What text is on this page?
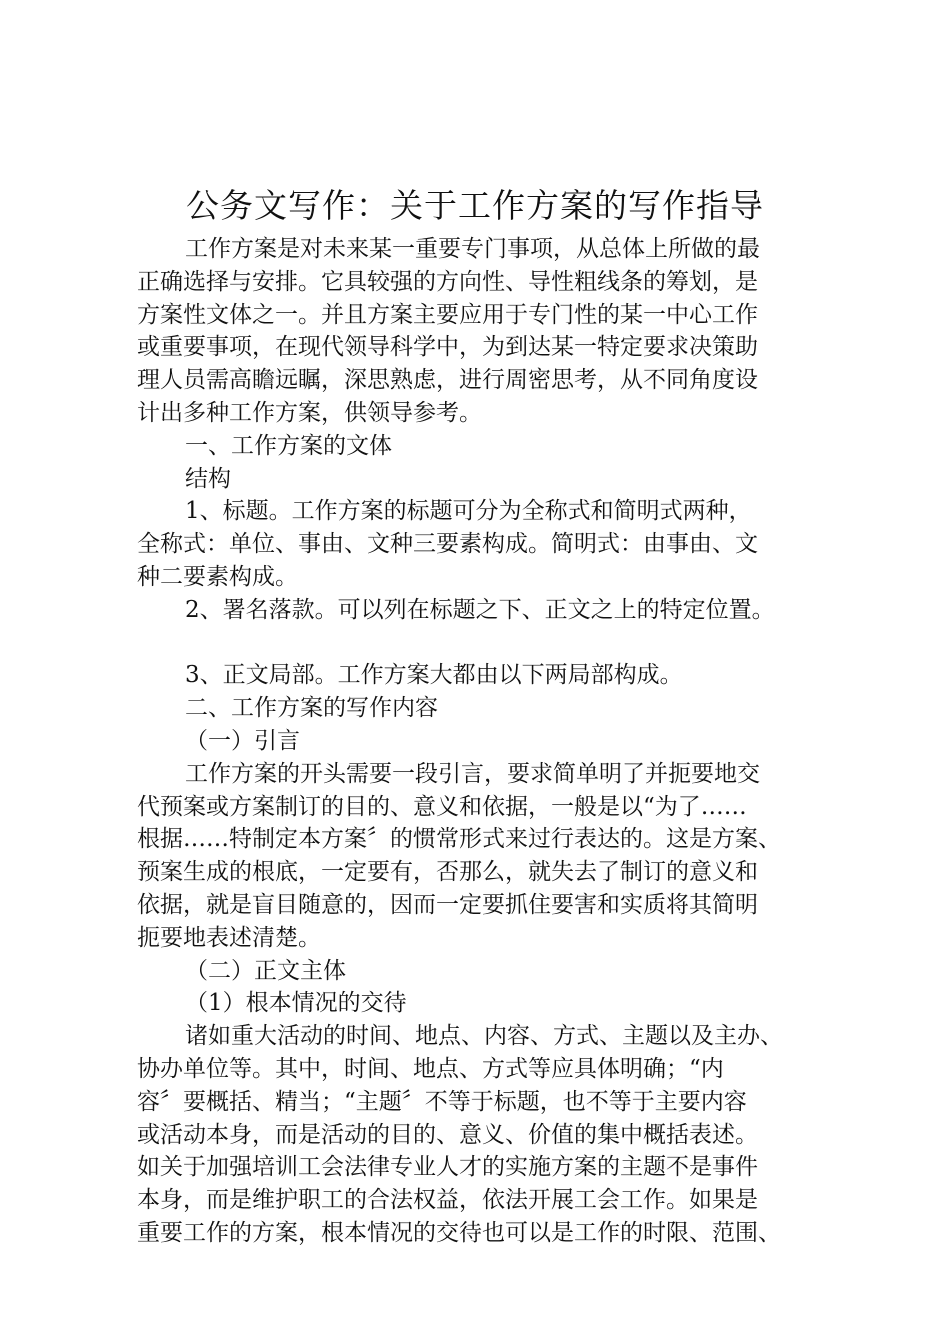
公务文写作：关于工作方案的写作指导
工作方案是对未来某一重要专门事项，从总体上所做的最
正确选择与安排。它具较强的方向性、导性粗线条的筹划，是
方案性文体之一。并且方案主要应用于专门性的某一中心工作
或重要事项，在现代领导科学中，为到达某一特定要求决策助
理人员需高瞻远瞩，深思熟虑，进行周密思考，从不同角度设
计出多种工作方案，供领导参考。
一、工作方案的文体
结构
1、标题。工作方案的标题可分为全称式和简明式两种，
全称式：单位、事由、文种三要素构成。简明式：由事由、文
种二要素构成。
2、署名落款。可以列在标题之下、正文之上的特定位置。
3、正文局部。工作方案大都由以下两局部构成。
二、工作方案的写作内容
（一）引言
工作方案的开头需要一段引言，要求简单明了并扼要地交
代预案或方案制订的目的、意义和依据，一般是以“为了……
根据……特制定本方案〞的惯常形式来过行表达的。这是方案、
预案生成的根底，一定要有，否那么，就失去了制订的意义和
依据，就是盲目随意的，因而一定要抓住要害和实质将其简明
扼要地表述清楚。
（二）正文主体
（1）根本情况的交待
诸如重大活动的时间、地点、内容、方式、主题以及主办、
协办单位等。其中，时间、地点、方式等应具体明确；“内
容〞要概括、精当；“主题〞不等于标题，也不等于主要内容
或活动本身，而是活动的目的、意义、价值的集中概括表述。
如关于加强培训工会法律专业人才的实施方案的主题不是事件
本身，而是维护职工的合法权益，依法开展工会工作。如果是
重要工作的方案，根本情况的交待也可以是工作的时限、范围、
